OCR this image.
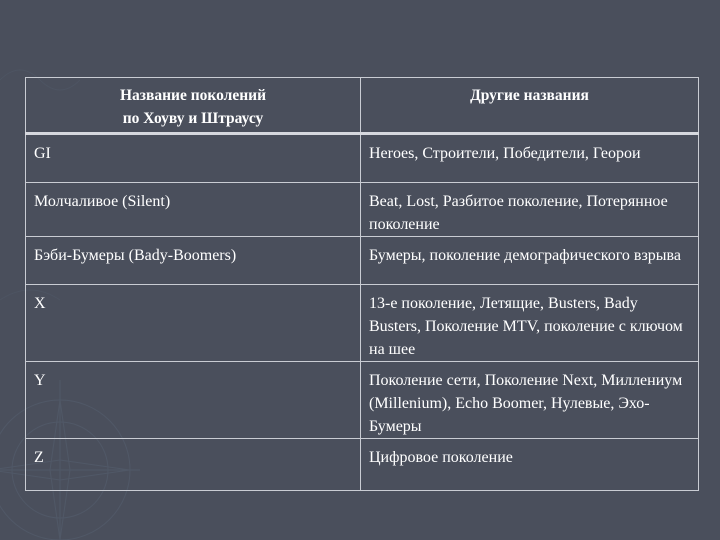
Название поколений
по Хоуву и Штраусу	Другие названия

GI	Heroes, Строители, Победители, Георои

Молчаливое (Silent)	Beat, Lost, Разбитое поколение, Потерянное поколение

Бэби-Бумеры (Bady-Boomers)	Бумеры, поколение демографического взрыва

X	13-е поколение, Летящие, Busters, Bady Busters, Поколение MTV, поколение с ключом на шее

Y	Поколение сети, Поколение Next, Миллениум (Millenium), Echo Boomer, Нулевые, Эхо-Бумеры

Z	Цифровое поколение
